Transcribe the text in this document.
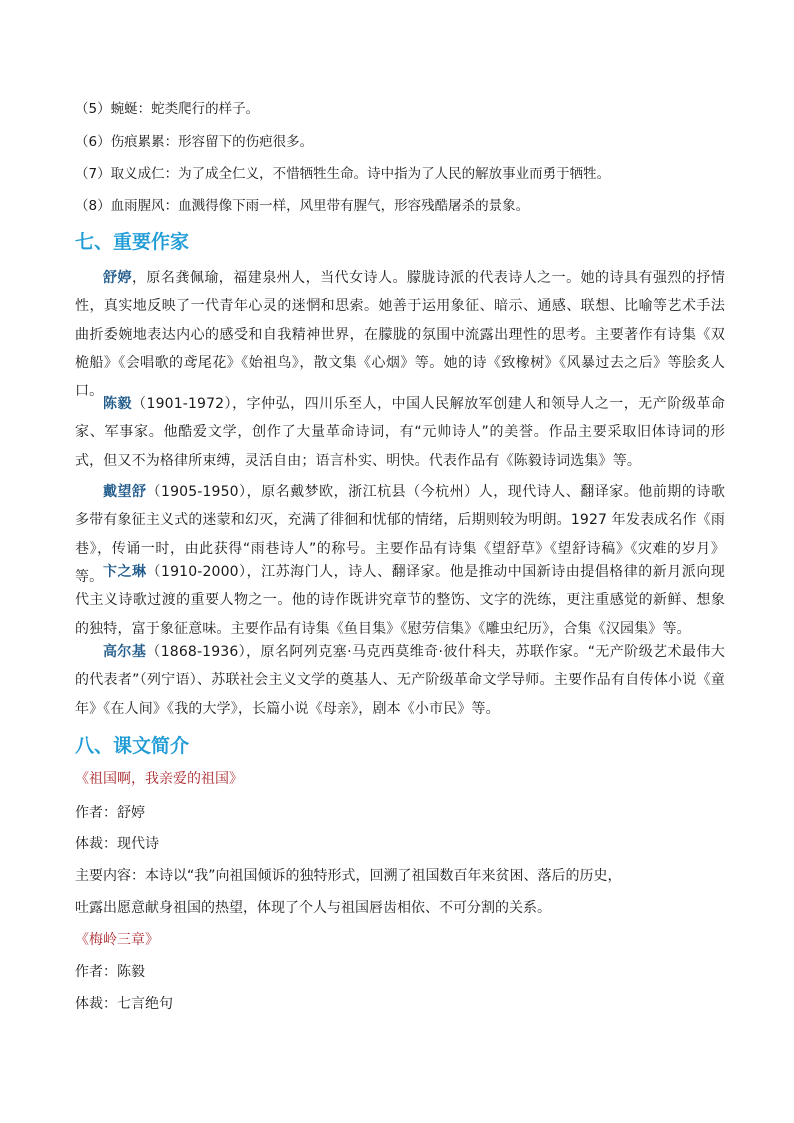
（5）蜿蜒：蛇类爬行的样子。
（6）伤痕累累：形容留下的伤疤很多。
（7）取义成仁：为了成全仁义，不惜牺牲生命。诗中指为了人民的解放事业而勇于牺牲。
（8）血雨腥风：血溅得像下雨一样，风里带有腥气，形容残酷屠杀的景象。
七、重要作家
舒婷，原名龚佩瑜，福建泉州人，当代女诗人。朦胧诗派的代表诗人之一。她的诗具有强烈的抒情性，真实地反映了一代青年心灵的迷惘和思索。她善于运用象征、暗示、通感、联想、比喻等艺术手法曲折委婉地表达内心的感受和自我精神世界，在朦胧的氛围中流露出理性的思考。主要著作有诗集《双桅船》《会唱歌的鸢尾花》《始祖鸟》，散文集《心烟》等。她的诗《致橡树》《风暴过去之后》等脍炙人口。
陈毅（1901-1972），字仲弘，四川乐至人，中国人民解放军创建人和领导人之一，无产阶级革命家、军事家。他酷爱文学，创作了大量革命诗词，有“元帅诗人”的美誉。作品主要采取旧体诗词的形式，但又不为格律所束缚，灵活自由；语言朴实、明快。代表作品有《陈毅诗词选集》等。
戴望舒（1905-1950），原名戴梦欧，浙江杭县（今杭州）人，现代诗人、翻译家。他前期的诗歌多带有象征主义式的迷蒙和幻灭，充满了徘徊和忧郁的情绪，后期则较为明朗。1927 年发表成名作《雨巷》，传诵一时，由此获得“雨巷诗人”的称号。主要作品有诗集《望舒草》《望舒诗稿》《灾难的岁月》等。 卞之琳（1910-2000），江苏海门人，诗人、翻译家。他是推动中国新诗由提倡格律的新月派向现代主义诗歌过渡的重要人物之一。他的诗作既讲究章节的整饬、文字的洗练，更注重感觉的新鲜、想象的独特，富于象征意味。主要作品有诗集《鱼目集》《慰劳信集》《雕虫纪历》，合集《汉园集》等。
高尔基（1868-1936），原名阿列克塞·马克西莫维奇·彼什科夫，苏联作家。“无产阶级艺术最伟大的代表者”（列宁语）、苏联社会主义文学的奠基人、无产阶级革命文学导师。主要作品有自传体小说《童年》《在人间》《我的大学》，长篇小说《母亲》，剧本《小市民》等。
八、课文简介
《祖国啊，我亲爱的祖国》
作者：舒婷
体裁：现代诗
主要内容：本诗以“我”向祖国倾诉的独特形式，回溯了祖国数百年来贫困、落后的历史，
吐露出愿意献身祖国的热望，体现了个人与祖国唇齿相依、不可分割的关系。
《梅岭三章》
作者：陈毅
体裁：七言绝句
